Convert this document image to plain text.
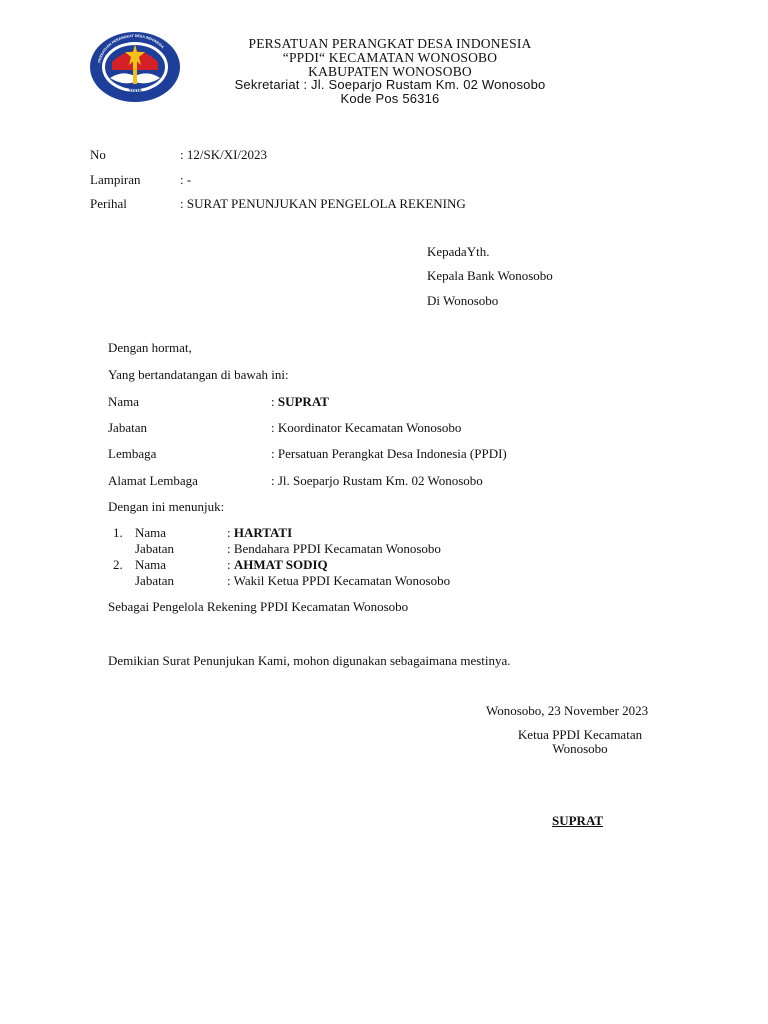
2006
PERSATUAN PERANGKAT DESA INDONESIA	PERSATUAN PERANGKAT DESA INDONESIA
“PPDI“ KECAMATAN WONOSOBO
KABUPATEN WONOSOBO
Sekretariat : Jl. Soeparjo Rustam Km. 02 Wonosobo
Kode Pos 56316
No	: 12/SK/XI/2023
Lampiran	: -
Perihal	: SURAT PENUNJUKAN PENGELOLA REKENING
KepadaYth.
Kepala Bank Wonosobo
Di Wonosobo
Dengan hormat,
Yang bertandatangan di bawah ini:
Nama	: SUPRAT
Jabatan	: Koordinator Kecamatan Wonosobo
Lembaga	: Persatuan Perangkat Desa Indonesia (PPDI)
Alamat Lembaga	: Jl. Soeparjo Rustam Km. 02 Wonosobo
Dengan ini menunjuk:
1. Nama	: HARTATI
Jabatan	: Bendahara PPDI Kecamatan Wonosobo
2. Nama	: AHMAT SODIQ
Jabatan	: Wakil Ketua PPDI Kecamatan Wonosobo
Sebagai Pengelola Rekening PPDI Kecamatan Wonosobo
Demikian Surat Penunjukan Kami, mohon digunakan sebagaimana mestinya.
Wonosobo, 23 November 2023
Ketua PPDI Kecamatan
Wonosobo
SUPRAT
